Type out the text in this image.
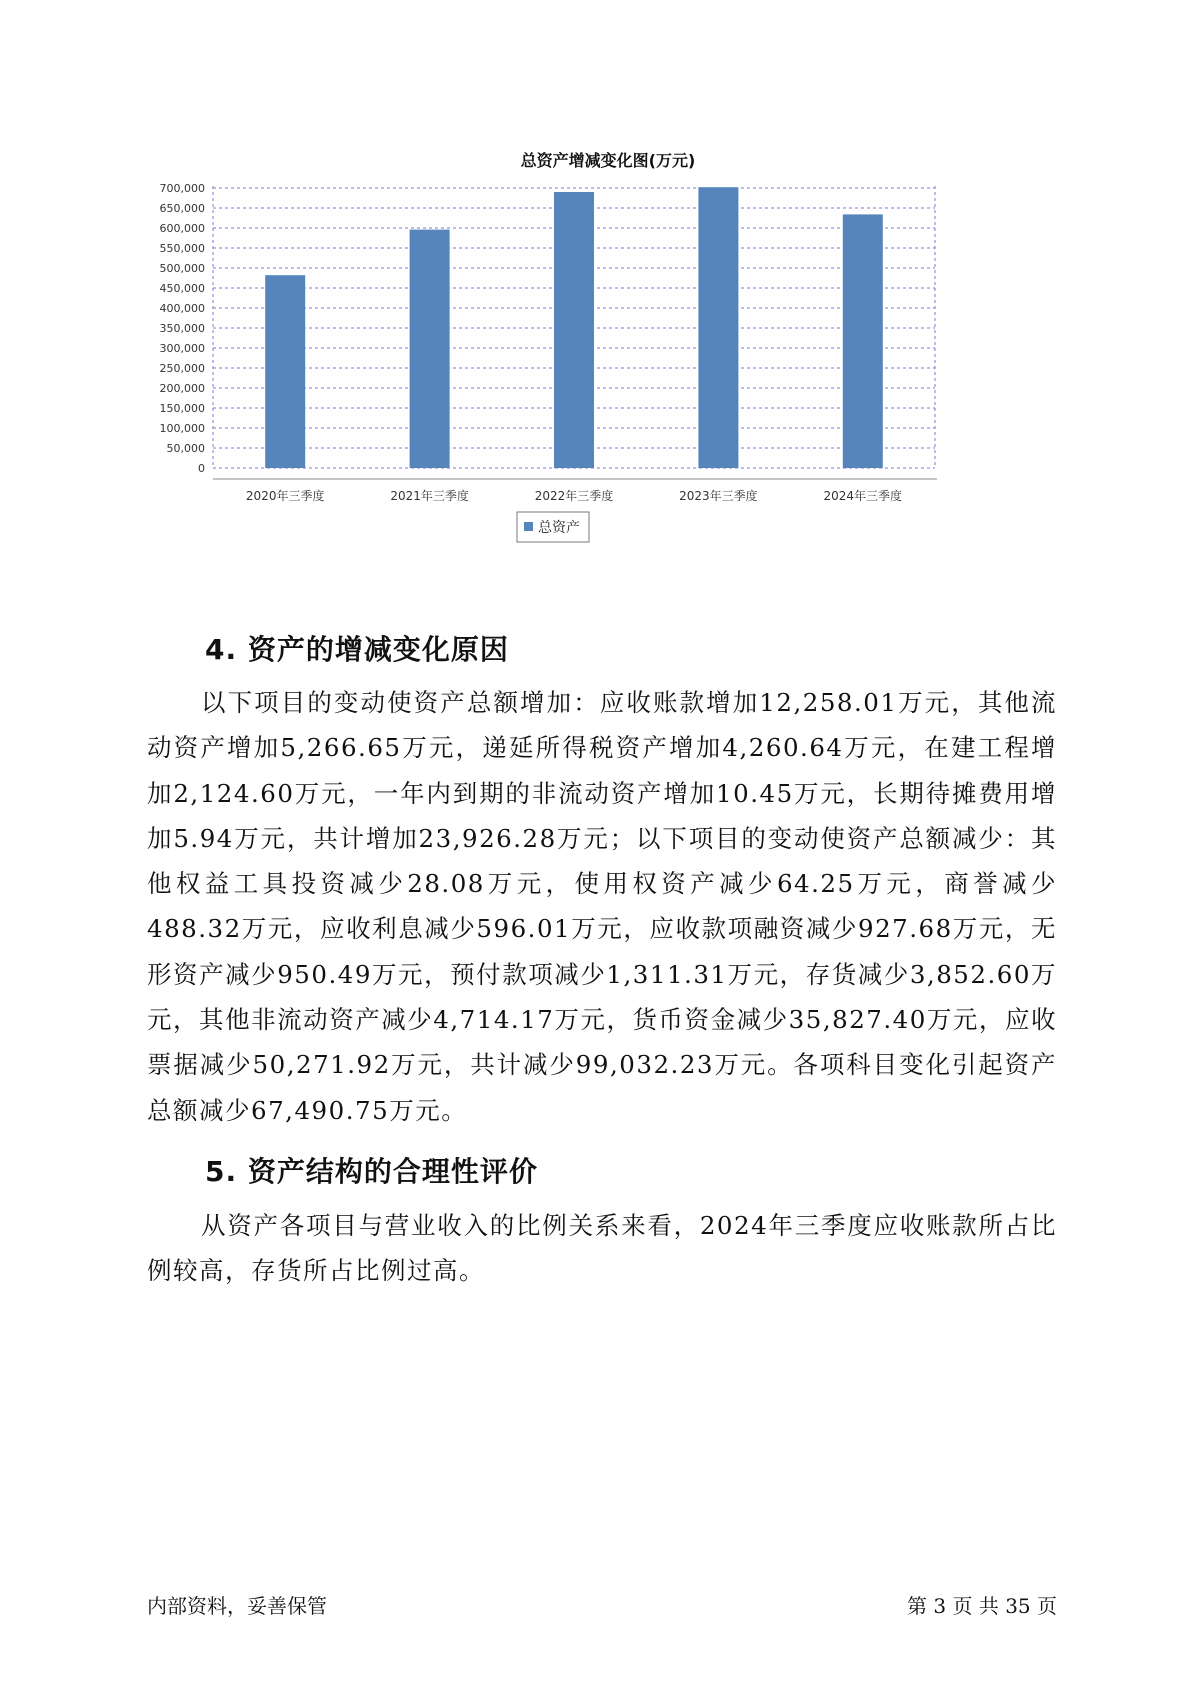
总资产增减变化图(万元)
0
50,000
100,000
150,000
200,000
250,000
300,000
350,000
400,000
450,000
500,000
550,000
600,000
650,000
700,000
2020年三季度	2021年三季度	2022年三季度	2023年三季度	2024年三季度
总资产
4. 资产的增减变化原因

以下项目的变动使资产总额增加：应收账款增加12,258.01万元，其他流动资产增加5,266.65万元，递延所得税资产增加4,260.64万元，在建工程增加2,124.60万元，一年内到期的非流动资产增加10.45万元，长期待摊费用增加5.94万元，共计增加23,926.28万元；以下项目的变动使资产总额减少：其他权益工具投资减少28.08万元，使用权资产减少64.25万元，商誉减少488.32万元，应收利息减少596.01万元，应收款项融资减少927.68万元，无形资产减少950.49万元，预付款项减少1,311.31万元，存货减少3,852.60万元，其他非流动资产减少4,714.17万元，货币资金减少35,827.40万元，应收票据减少50,271.92万元，共计减少99,032.23万元。各项科目变化引起资产总额减少67,490.75万元。

5. 资产结构的合理性评价

从资产各项目与营业收入的比例关系来看，2024年三季度应收账款所占比例较高，存货所占比例过高。

内部资料，妥善保管	第 3 页 共 35 页
